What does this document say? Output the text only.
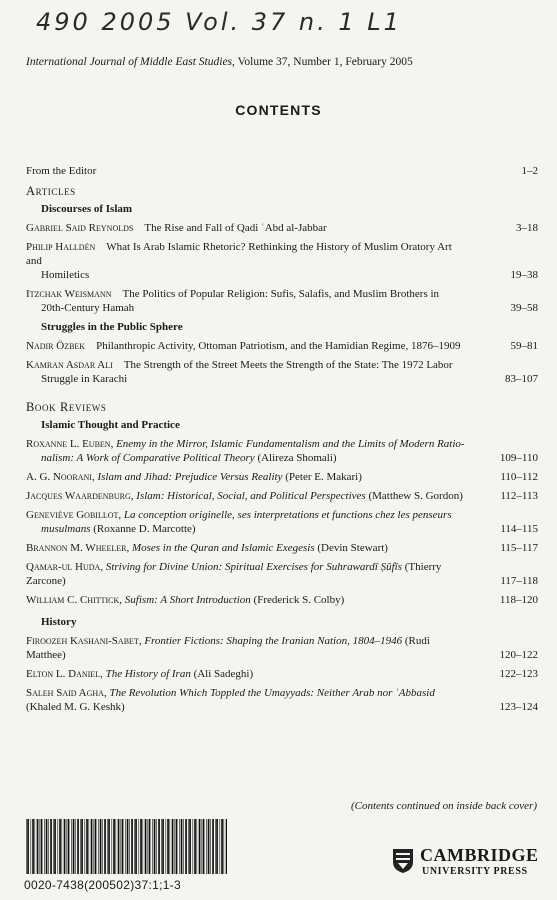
490 2005 Vol. 37 n. 1 L1
International Journal of Middle East Studies, Volume 37, Number 1, February 2005
CONTENTS
From the Editor	1–2
Articles
Discourses of Islam
Gabriel Said Reynolds  The Rise and Fall of Qadi ʿAbd al-Jabbar	3–18
Philip Halldén  What Is Arab Islamic Rhetoric? Rethinking the History of Muslim Oratory Art and
Homiletics	19–38
Itzchak Weismann  The Politics of Popular Religion: Sufis, Salafis, and Muslim Brothers in
20th-Century Hamah	39–58
Struggles in the Public Sphere
Nadir Özbek  Philanthropic Activity, Ottoman Patriotism, and the Hamidian Regime, 1876–1909	59–81
Kamran Asdar Ali  The Strength of the Street Meets the Strength of the State: The 1972 Labor
Struggle in Karachi	83–107
Book Reviews
Islamic Thought and Practice
Roxanne L. Euben, Enemy in the Mirror, Islamic Fundamentalism and the Limits of Modern Ratio-
nalism: A Work of Comparative Political Theory (Alireza Shomali)	109–110
A. G. Noorani, Islam and Jihad: Prejudice Versus Reality (Peter E. Makari)	110–112
Jacques Waardenburg, Islam: Historical, Social, and Political Perspectives (Matthew S. Gordon)	112–113
Geneviève Gobillot, La conception originelle, ses interpretations et functions chez les penseurs
musulmans (Roxanne D. Marcotte)	114–115
Brannon M. Wheeler, Moses in the Quran and Islamic Exegesis (Devin Stewart)	115–117
Qamar-ul Huda, Striving for Divine Union: Spiritual Exercises for Suhrawardī Ṣūfīs (Thierry Zarcone)	117–118
William C. Chittick, Sufism: A Short Introduction (Frederick S. Colby)	118–120
History
Firoozeh Kashani-Sabet, Frontier Fictions: Shaping the Iranian Nation, 1804–1946 (Rudi Matthee)	120–122
Elton L. Daniel, The History of Iran (Ali Sadeghi)	122–123
Saleh Said Agha, The Revolution Which Toppled the Umayyads: Neither Arab nor ʿAbbasid (Khaled M. G. Keshk)	123–124
(Contents continued on inside back cover)
0020-7438(200502)37:1;1-3
CAMBRIDGE
UNIVERSITY PRESS
